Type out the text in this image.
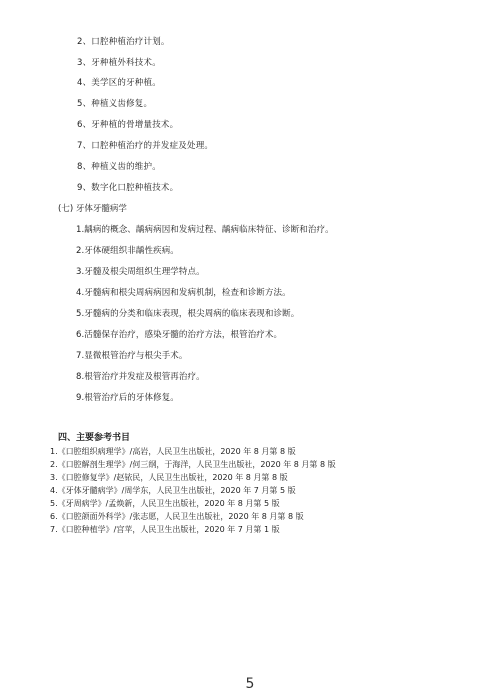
2、口腔种植治疗计划。
3、牙种植外科技术。
4、美学区的牙种植。
5、种植义齿修复。
6、牙种植的骨增量技术。
7、口腔种植治疗的并发症及处理。
8、种植义齿的维护。
9、数字化口腔种植技术。
(七) 牙体牙髓病学
1.龋病的概念、龋病病因和发病过程、龋病临床特征、诊断和治疗。
2.牙体硬组织非龋性疾病。
3.牙髓及根尖周组织生理学特点。
4.牙髓病和根尖周病病因和发病机制，检查和诊断方法。
5.牙髓病的分类和临床表现，根尖周病的临床表现和诊断。
6.活髓保存治疗，感染牙髓的治疗方法，根管治疗术。
7.显微根管治疗与根尖手术。
8.根管治疗并发症及根管再治疗。
9.根管治疗后的牙体修复。
四、主要参考书目
1.《口腔组织病理学》/高岩，人民卫生出版社，2020 年 8 月第 8 版
2.《口腔解剖生理学》/何三纲，于海洋，人民卫生出版社，2020 年 8 月第 8 版
3.《口腔修复学》/赵铱民，人民卫生出版社，2020 年 8 月第 8 版
4.《牙体牙髓病学》/周学东，人民卫生出版社，2020 年 7 月第 5 版
5.《牙周病学》/孟焕新，人民卫生出版社，2020 年 8 月第 5 版
6.《口腔颌面外科学》/张志愿，人民卫生出版社，2020 年 8 月第 8 版
7.《口腔种植学》/宫苹，人民卫生出版社，2020 年 7 月第 1 版
5
